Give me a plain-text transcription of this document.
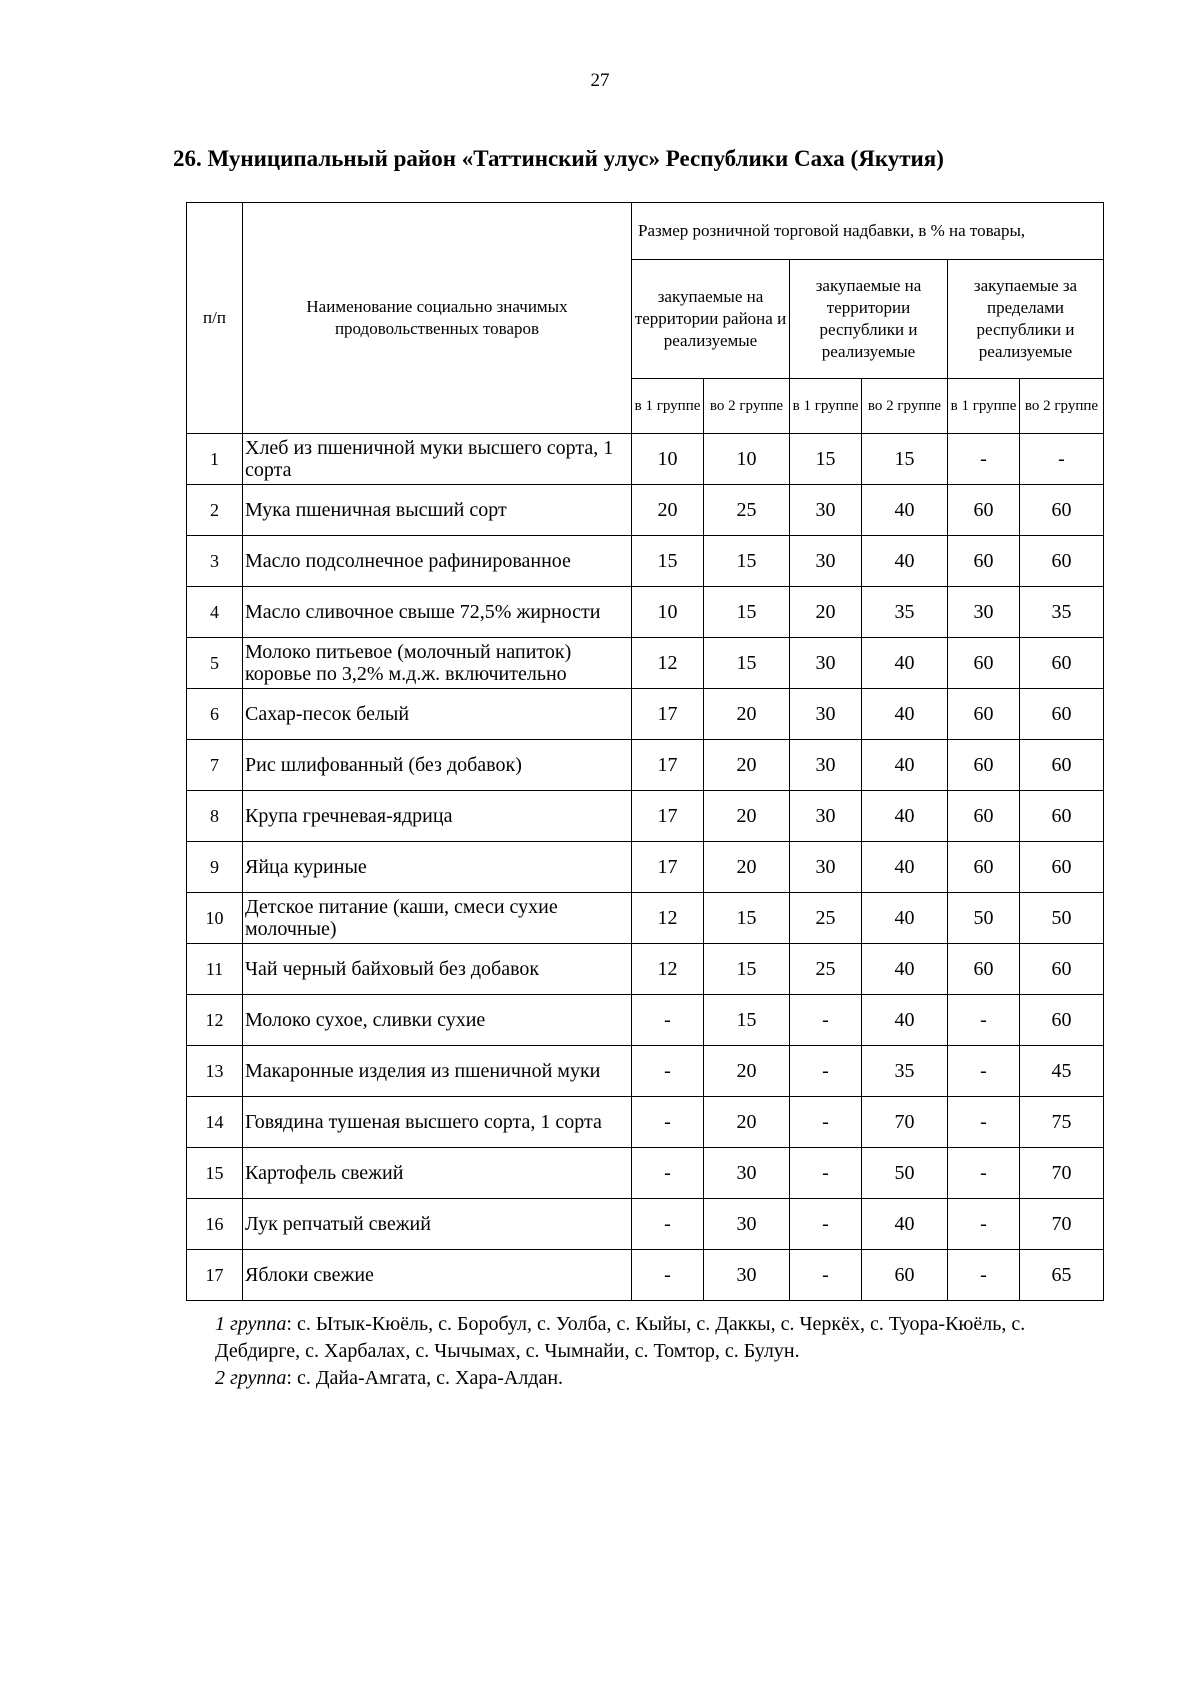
27
26. Муниципальный район «Таттинский улус» Республики Саха (Якутия)
п/п	Наименование социально значимых продовольственных товаров	Размер розничной торговой надбавки, в % на товары,					
		закупаемые на территории района и реализуемые		закупаемые на территории республики и реализуемые		закупаемые за пределами республики и реализуемые	
		в 1 группе	во 2 группе	в 1 группе	во 2 группе	в 1 группе	во 2 группе
1	Хлеб из пшеничной муки высшего сорта, 1 сорта	10	10	15	15	-	-
2	Мука пшеничная высший сорт	20	25	30	40	60	60
3	Масло подсолнечное рафинированное	15	15	30	40	60	60
4	Масло сливочное свыше 72,5% жирности	10	15	20	35	30	35
5	Молоко питьевое (молочный напиток) коровье по 3,2% м.д.ж. включительно	12	15	30	40	60	60
6	Сахар-песок белый	17	20	30	40	60	60
7	Рис шлифованный (без добавок)	17	20	30	40	60	60
8	Крупа гречневая-ядрица	17	20	30	40	60	60
9	Яйца куриные	17	20	30	40	60	60
10	Детское питание (каши, смеси сухие молочные)	12	15	25	40	50	50
11	Чай черный байховый без добавок	12	15	25	40	60	60
12	Молоко сухое, сливки сухие	-	15	-	40	-	60
13	Макаронные изделия из пшеничной муки	-	20	-	35	-	45
14	Говядина тушеная высшего сорта, 1 сорта	-	20	-	70	-	75
15	Картофель свежий	-	30	-	50	-	70
16	Лук репчатый свежий	-	30	-	40	-	70
17	Яблоки свежие	-	30	-	60	-	65
1 группа: с. Ытык-Кюёль, с. Боробул, с. Уолба, с. Кыйы, с. Даккы, с. Черкёх, с. Туора-Кюёль, с. Дебдирге, с. Харбалах, с. Чычымах, с. Чымнайи, с. Томтор, с. Булун.
2 группа: с. Дайа-Амгата, с. Хара-Алдан.
